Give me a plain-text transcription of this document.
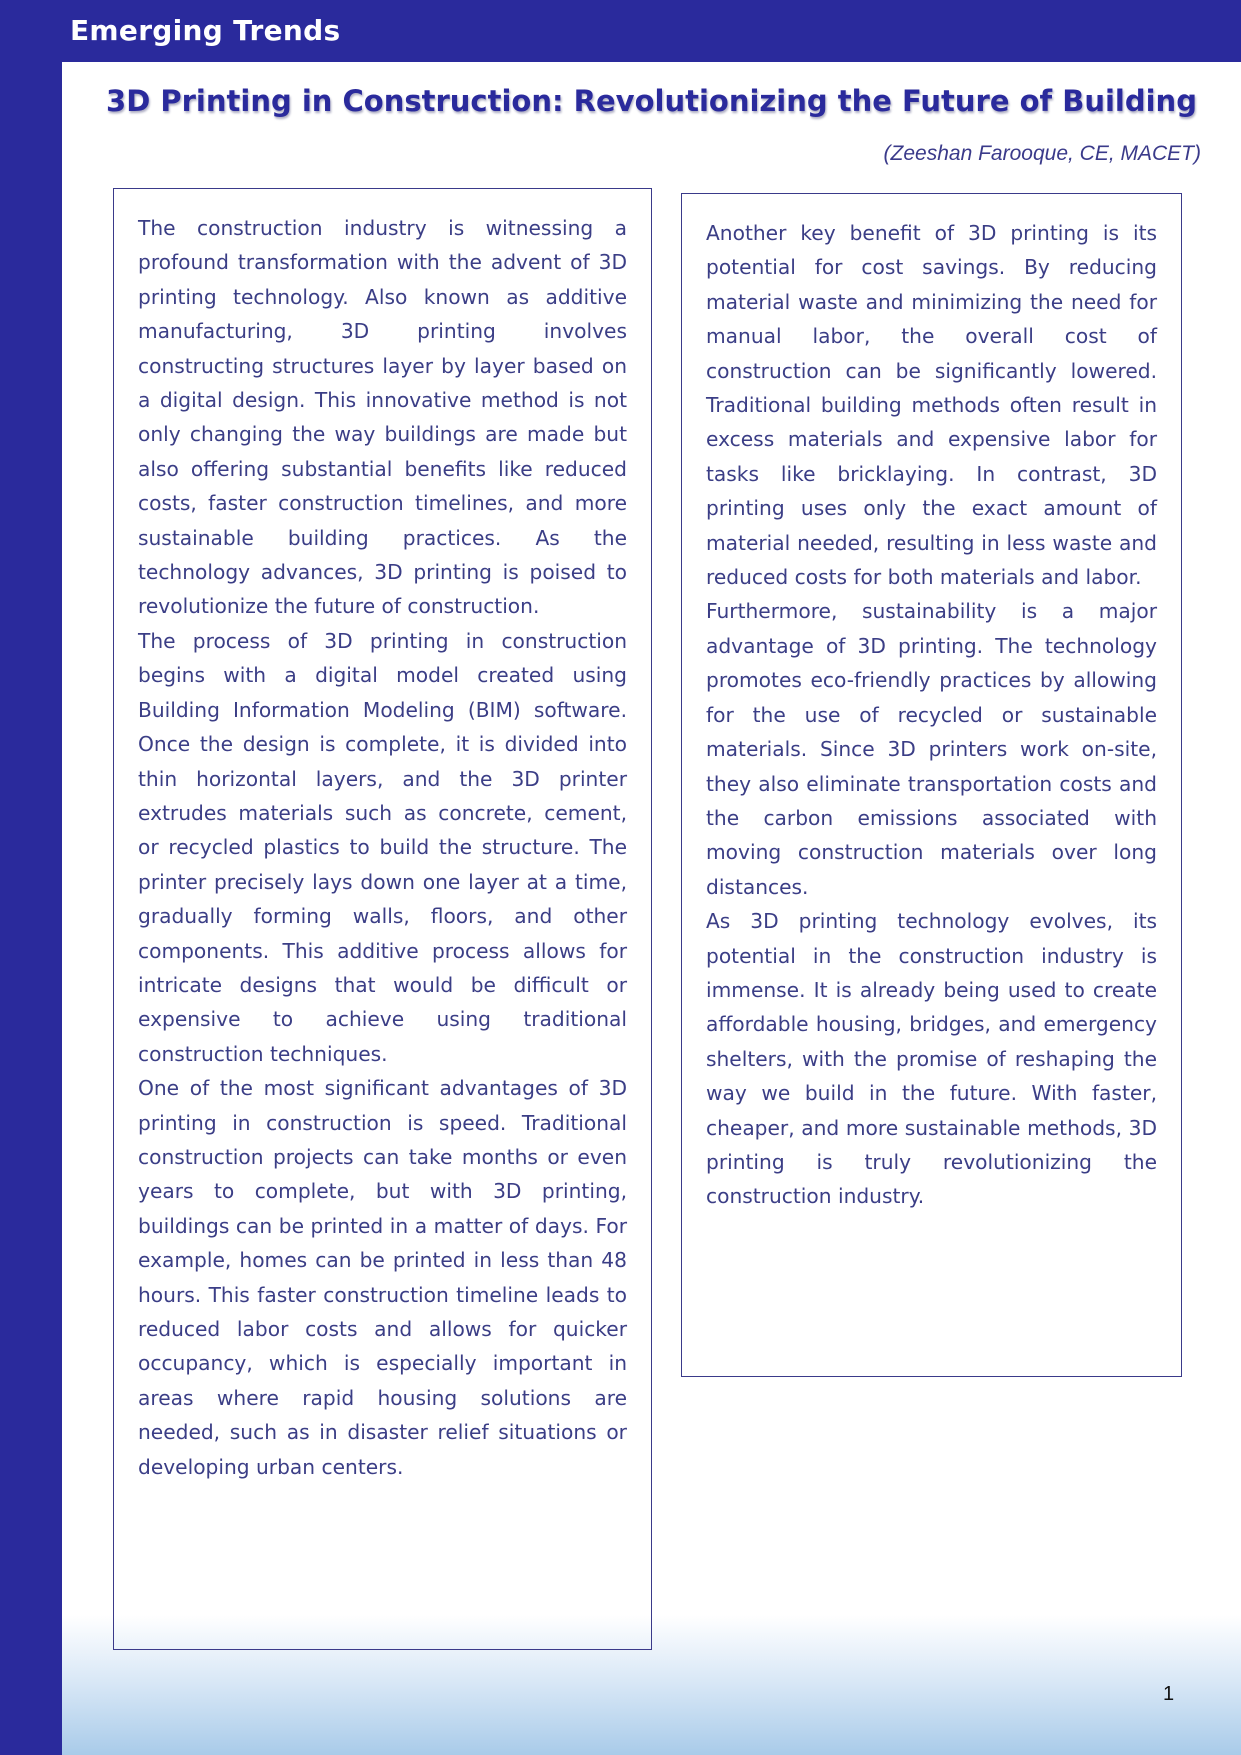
Emerging Trends
3D Printing in Construction: Revolutionizing the Future of Building
(Zeeshan Farooque, CE, MACET)

The construction industry is witnessing a profound transformation with the advent of 3D printing technology. Also known as additive manufacturing, 3D printing involves constructing structures layer by layer based on a digital design. This innovative method is not only changing the way buildings are made but also offering substantial benefits like reduced costs, faster construction timelines, and more sustainable building practices. As the technology advances, 3D printing is poised to revolutionize the future of construction.

The process of 3D printing in construction begins with a digital model created using Building Information Modeling (BIM) software. Once the design is complete, it is divided into thin horizontal layers, and the 3D printer extrudes materials such as concrete, cement, or recycled plastics to build the structure. The printer precisely lays down one layer at a time, gradually forming walls, floors, and other components. This additive process allows for intricate designs that would be difficult or expensive to achieve using traditional construction techniques.

One of the most significant advantages of 3D printing in construction is speed. Traditional construction projects can take months or even years to complete, but with 3D printing, buildings can be printed in a matter of days. For example, homes can be printed in less than 48 hours. This faster construction timeline leads to reduced labor costs and allows for quicker occupancy, which is especially important in areas where rapid housing solutions are needed, such as in disaster relief situations or developing urban centers.

Another key benefit of 3D printing is its potential for cost savings. By reducing material waste and minimizing the need for manual labor, the overall cost of construction can be significantly lowered. Traditional building methods often result in excess materials and expensive labor for tasks like bricklaying. In contrast, 3D printing uses only the exact amount of material needed, resulting in less waste and reduced costs for both materials and labor.

Furthermore, sustainability is a major advantage of 3D printing. The technology promotes eco-friendly practices by allowing for the use of recycled or sustainable materials. Since 3D printers work on-site, they also eliminate transportation costs and the carbon emissions associated with moving construction materials over long distances.

As 3D printing technology evolves, its potential in the construction industry is immense. It is already being used to create affordable housing, bridges, and emergency shelters, with the promise of reshaping the way we build in the future. With faster, cheaper, and more sustainable methods, 3D printing is truly revolutionizing the construction industry.

1
